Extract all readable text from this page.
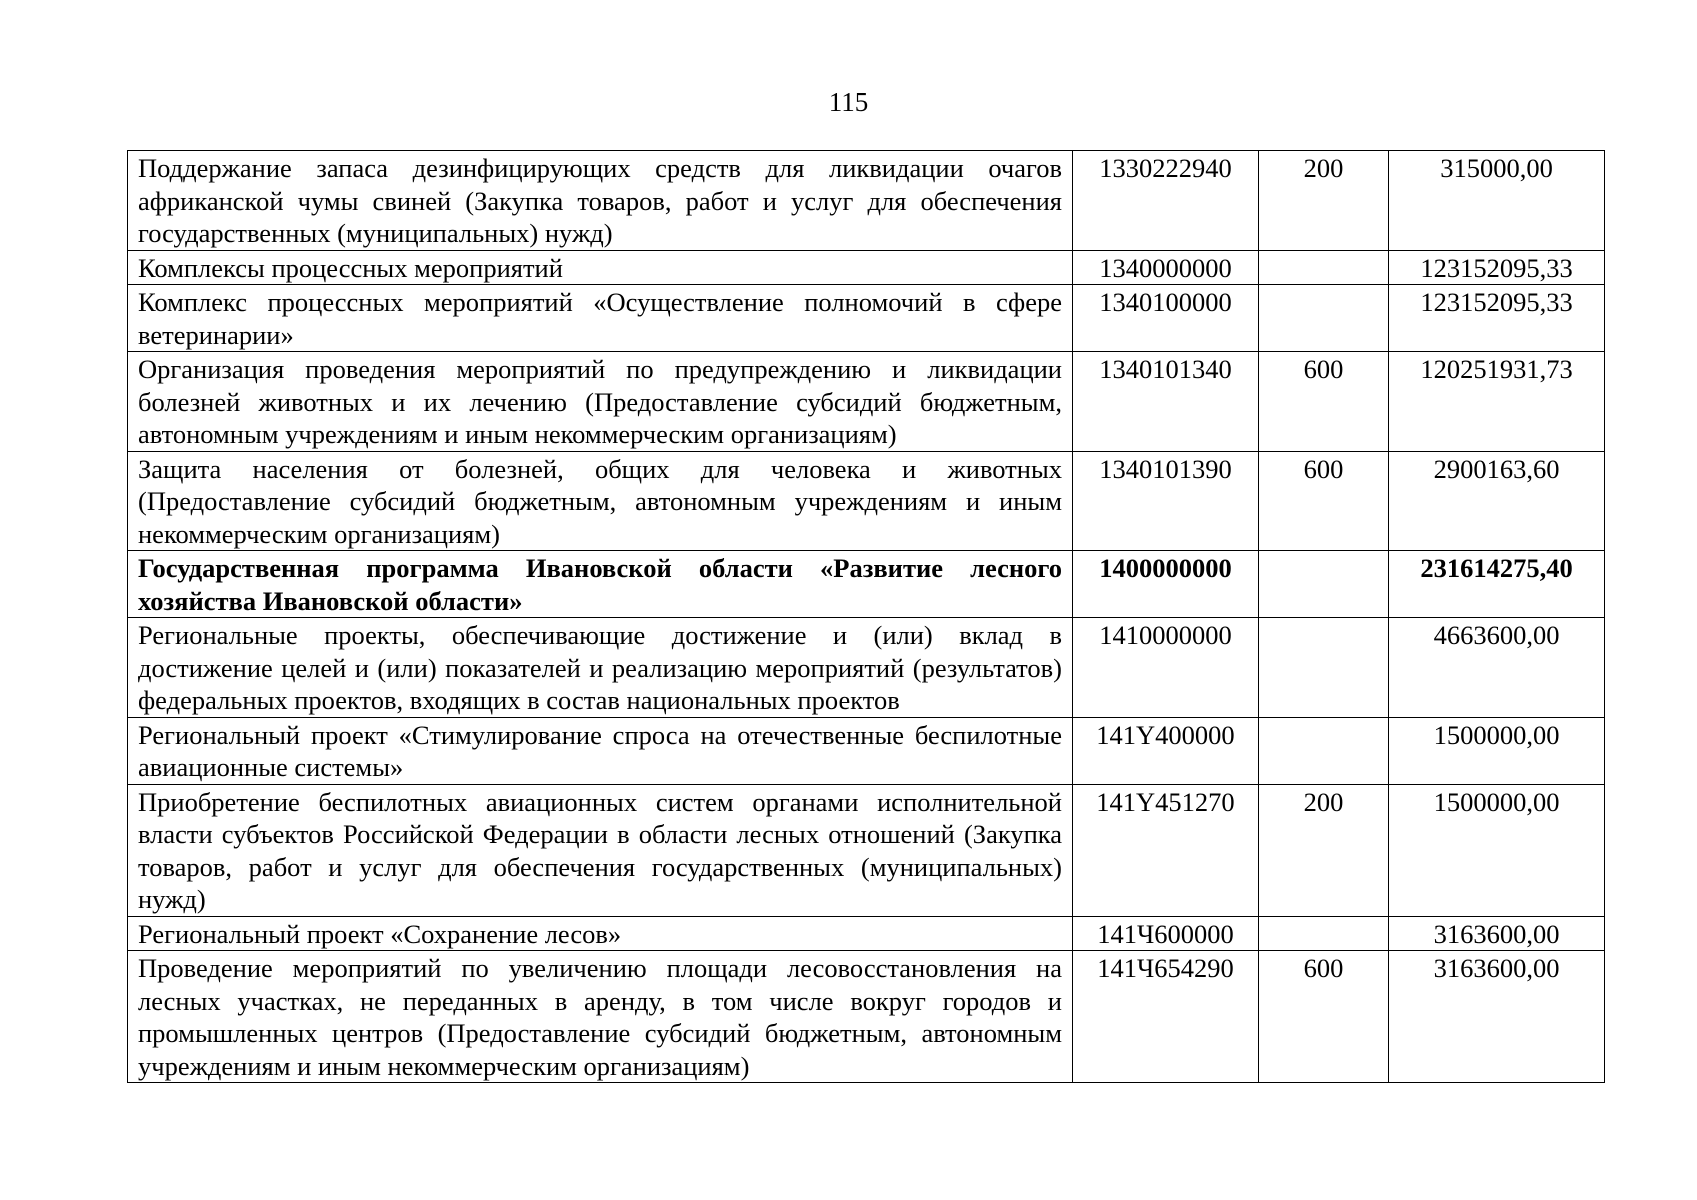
115
Поддержание запаса дезинфицирующих средств для ликвидации очагов африканской чумы свиней (Закупка товаров, работ и услуг для обеспечения государственных (муниципальных) нужд)	1330222940	200	315000,00
Комплексы процессных мероприятий	1340000000		123152095,33
Комплекс процессных мероприятий «Осуществление полномочий в сфере ветеринарии»	1340100000		123152095,33
Организация проведения мероприятий по предупреждению и ликвидации болезней животных и их лечению (Предоставление субсидий бюджетным, автономным учреждениям и иным некоммерческим организациям)	1340101340	600	120251931,73
Защита населения от болезней, общих для человека и животных (Предоставление субсидий бюджетным, автономным учреждениям и иным некоммерческим организациям)	1340101390	600	2900163,60
Государственная программа Ивановской области «Развитие лесного хозяйства Ивановской области»	1400000000		231614275,40
Региональные проекты, обеспечивающие достижение и (или) вклад в достижение целей и (или) показателей и реализацию мероприятий (результатов) федеральных проектов, входящих в состав национальных проектов	1410000000		4663600,00
Региональный проект «Стимулирование спроса на отечественные беспилотные авиационные системы»	141Y400000		1500000,00
Приобретение беспилотных авиационных систем органами исполнительной власти субъектов Российской Федерации в области лесных отношений (Закупка товаров, работ и услуг для обеспечения государственных (муниципальных) нужд)	141Y451270	200	1500000,00
Региональный проект «Сохранение лесов»	141Ч600000		3163600,00
Проведение мероприятий по увеличению площади лесовосстановления на лесных участках, не переданных в аренду, в том числе вокруг городов и промышленных центров (Предоставление субсидий бюджетным, автономным учреждениям и иным некоммерческим организациям)	141Ч654290	600	3163600,00
